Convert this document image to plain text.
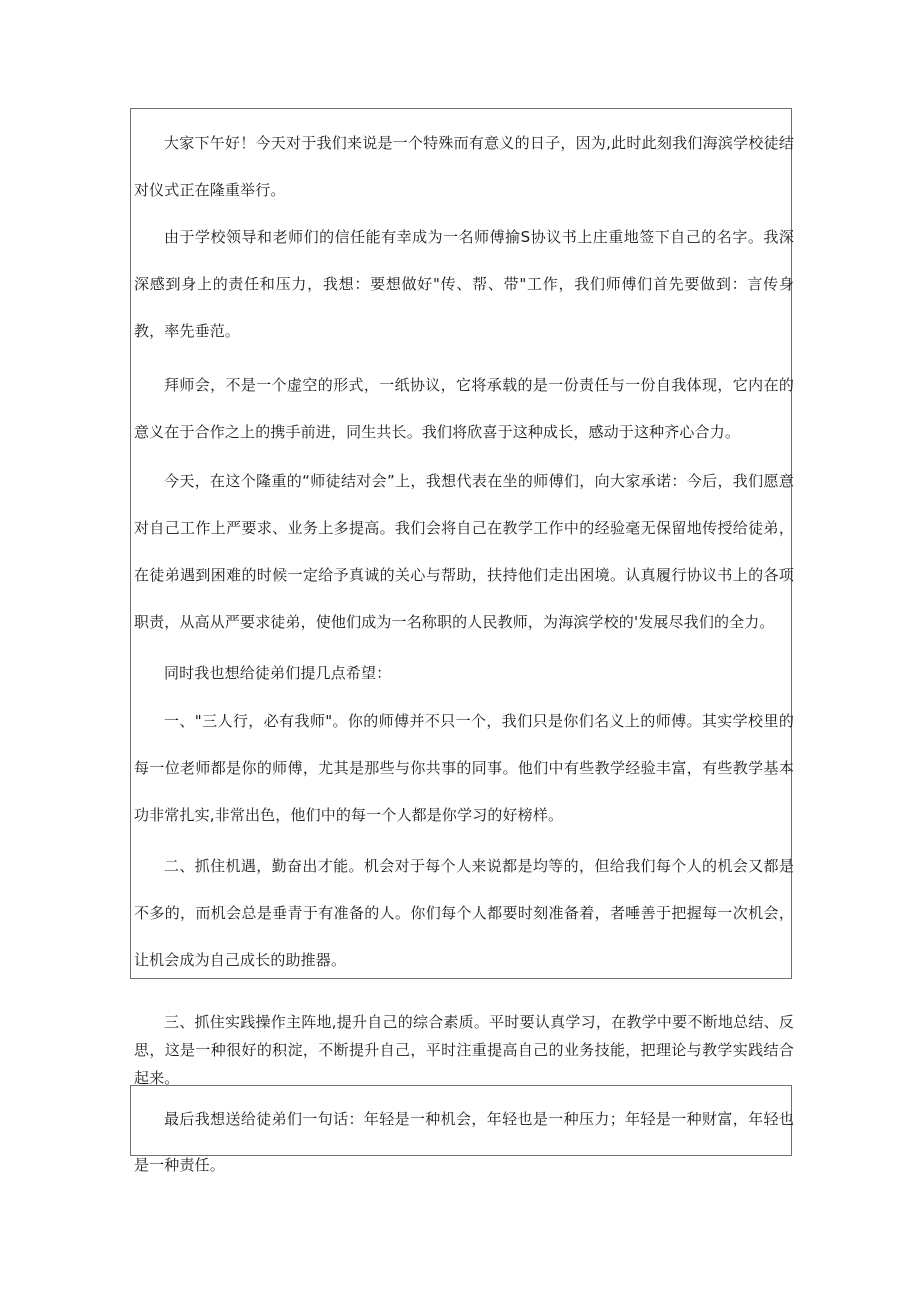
大家下午好！今天对于我们来说是一个特殊而有意义的日子，因为,此时此刻我们海滨学校徒结对仪式正在隆重举行。

由于学校领导和老师们的信任能有幸成为一名师傅揄S协议书上庄重地签下自己的名字。我深深感到身上的责任和压力，我想：要想做好"传、帮、带"工作，我们师傅们首先要做到：言传身教，率先垂范。

拜师会，不是一个虚空的形式，一纸协议，它将承载的是一份责任与一份自我体现，它内在的意义在于合作之上的携手前进，同生共长。我们将欣喜于这种成长，感动于这种齐心合力。

今天，在这个隆重的“师徒结对会”上，我想代表在坐的师傅们，向大家承诺：今后，我们愿意对自己工作上严要求、业务上多提高。我们会将自己在教学工作中的经验毫无保留地传授给徒弟，在徒弟遇到困难的时候一定给予真诚的关心与帮助，扶持他们走出困境。认真履行协议书上的各项职责，从高从严要求徒弟，使他们成为一名称职的人民教师，为海滨学校的'发展尽我们的全力。

同时我也想给徒弟们提几点希望：

一、"三人行，必有我师"。你的师傅并不只一个，我们只是你们名义上的师傅。其实学校里的每一位老师都是你的师傅，尤其是那些与你共事的同事。他们中有些教学经验丰富，有些教学基本功非常扎实,非常出色，他们中的每一个人都是你学习的好榜样。

二、抓住机遇，勤奋出才能。机会对于每个人来说都是均等的，但给我们每个人的机会又都是不多的，而机会总是垂青于有准备的人。你们每个人都要时刻准备着，者唾善于把握每一次机会，让机会成为自己成长的助推器。

三、抓住实践操作主阵地,提升自己的综合素质。平时要认真学习，在教学中要不断地总结、反思，这是一种很好的积淀，不断提升自己，平时注重提高自己的业务技能，把理论与教学实践结合起来。

最后我想送给徒弟们一句话：年轻是一种机会，年轻也是一种压力；年轻是一种财富，年轻也是一种责任。
